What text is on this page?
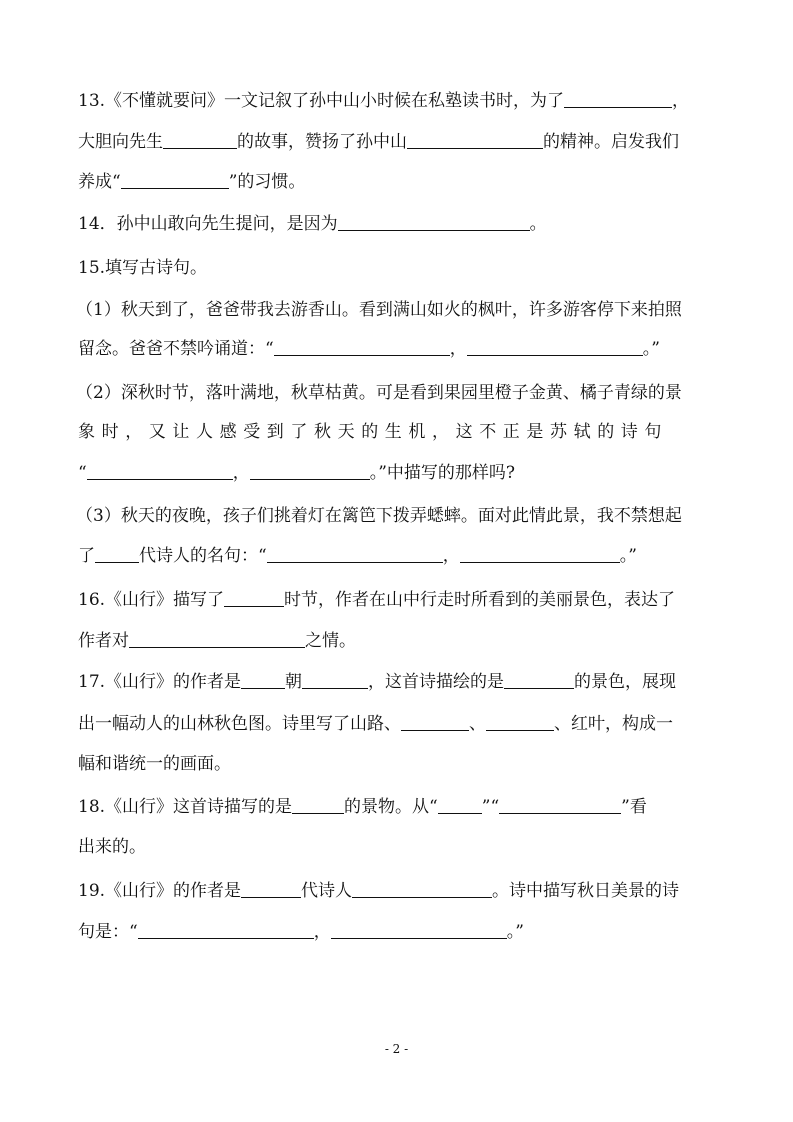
13.《不懂就要问》一文记叙了孙中山小时候在私塾读书时，为了	，
大胆向先生	的故事，赞扬了孙中山	的精神。启发我们
养成“	”的习惯。
14．孙中山敢向先生提问，是因为	。
15.填写古诗句。
（1）秋天到了，爸爸带我去游香山。看到满山如火的枫叶，许多游客停下来拍照
留念。爸爸不禁吟诵道：“	，	。”
（2）深秋时节，落叶满地，秋草枯黄。可是看到果园里橙子金黄、橘子青绿的景
象时，又让人感受到了秋天的生机，这不正是苏轼的诗句
“	，	。”中描写的那样吗?
（3）秋天的夜晚，孩子们挑着灯在篱笆下拨弄蟋蟀。面对此情此景，我不禁想起
了	代诗人的名句：“	，	。”
16.《山行》描写了	时节，作者在山中行走时所看到的美丽景色，表达了
作者对	之情。
17.《山行》的作者是	朝	，这首诗描绘的是	的景色，展现
出一幅动人的山林秋色图。诗里写了山路、	、	、红叶，构成一
幅和谐统一的画面。
18.《山行》这首诗描写的是	的景物。从“	”“	”看
出来的。
19.《山行》的作者是	代诗人	。诗中描写秋日美景的诗
句是：“	，	。”
- 2 -
